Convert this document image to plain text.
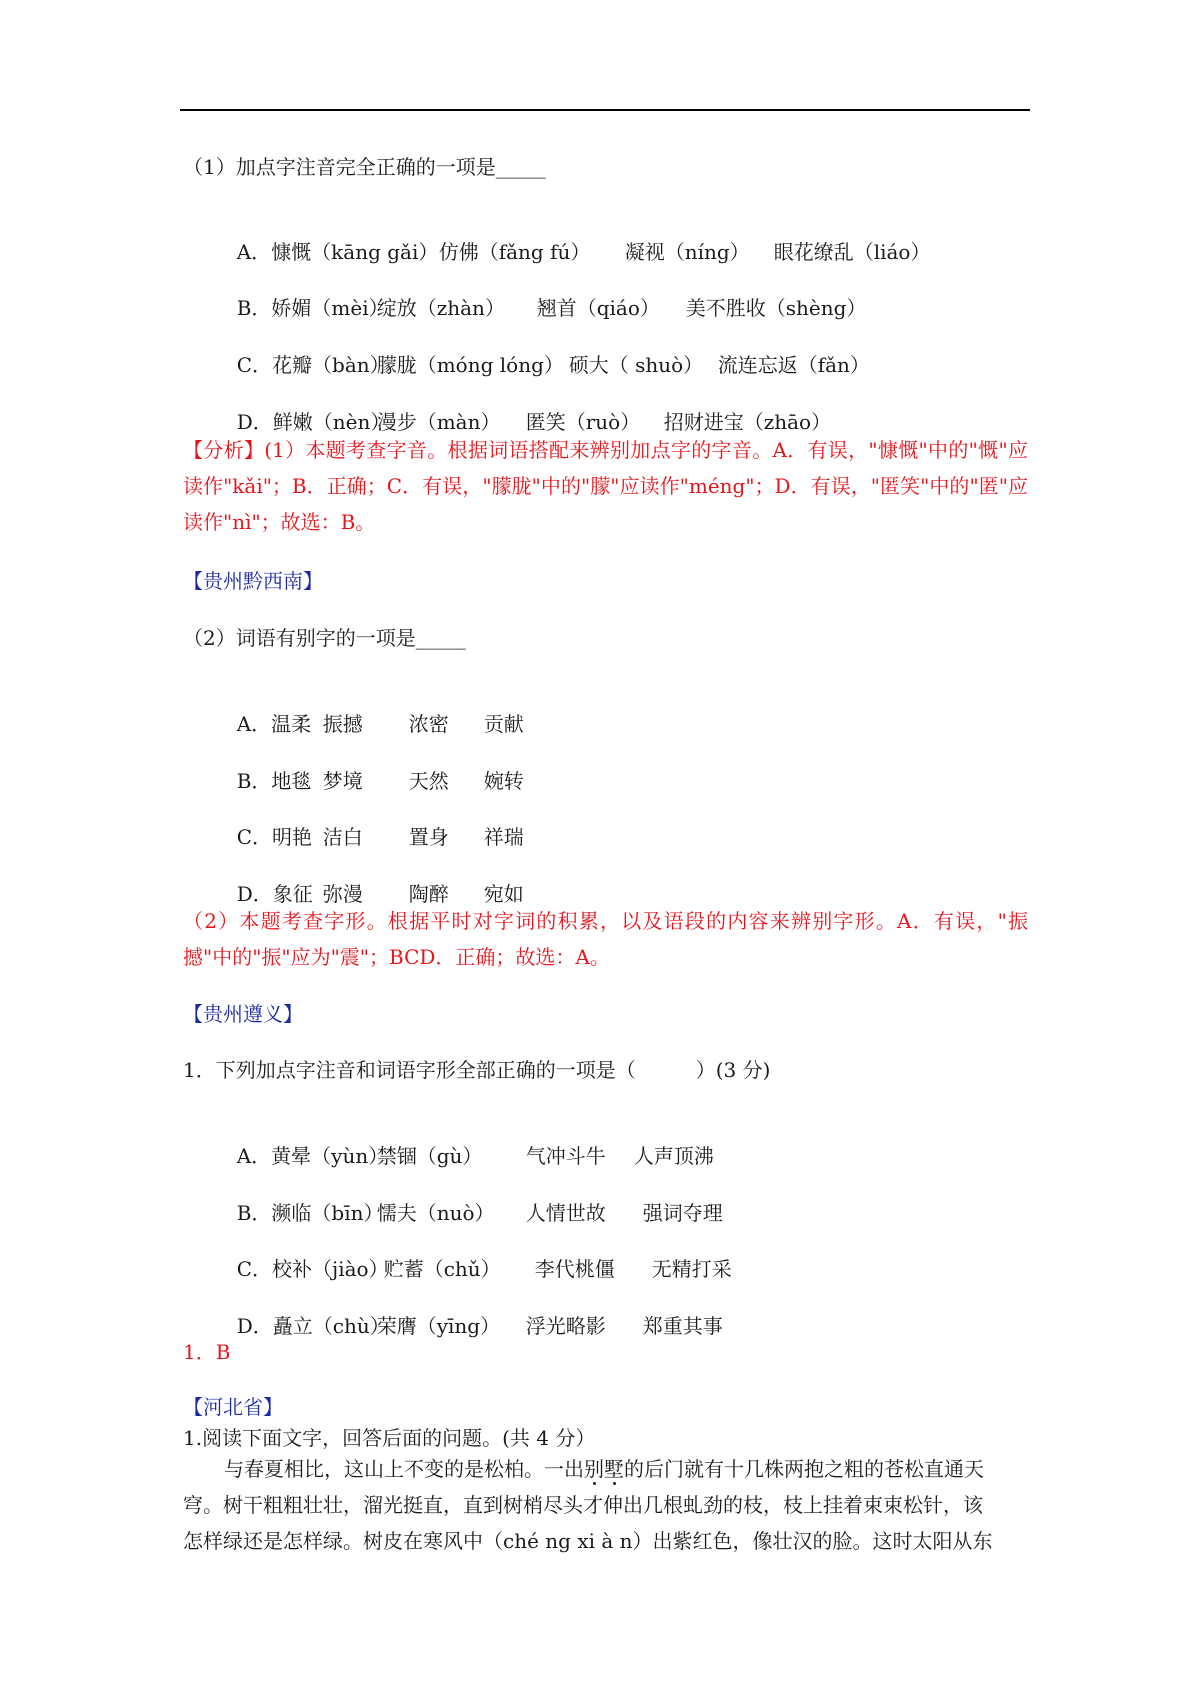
（1）加点字注音完全正确的一项是_____

A．慷慨（kāng gǎi）仿佛（fǎng fú） 凝视（níng） 眼花缭乱（liáo）

B．娇媚（mèi）绽放（zhàn） 翘首（qiáo） 美不胜收（shèng）

C．花瓣（bàn）朦胧（móng lóng） 硕大（ shuò） 流连忘返（fǎn）

D．鲜嫩（nèn）漫步（màn） 匿笑（ruò） 招财进宝（zhāo）

【分析】(1）本题考查字音。根据词语搭配来辨别加点字的字音。A．有误，"慷慨"中的"慨"应读作"kǎi"；B．正确；C．有误，"朦胧"中的"朦"应读作"méng"；D．有误，"匿笑"中的"匿"应读作"nì"；故选：B。
【贵州黔西南】
（2）词语有别字的一项是_____

A．温柔 振撼 浓密 贡献

B．地毯 梦境 天然 婉转

C．明艳 洁白 置身 祥瑞

D．象征 弥漫 陶醉 宛如

（2）本题考查字形。根据平时对字词的积累，以及语段的内容来辨别字形。A．有误，"振撼"中的"振"应为"震"；BCD．正确；故选：A。
【贵州遵义】
1．下列加点字注音和词语字形全部正确的一项是（　　　）(3 分)

A．黄晕（yùn）禁锢（gù） 气冲斗牛 人声顶沸

B．濒临（bīn）懦夫（nuò） 人情世故 强词夺理

C．校补（jiào）贮蓄（chǔ） 李代桃僵 无精打采

D．矗立（chù）荣膺（yīng） 浮光略影 郑重其事

1．B
【河北省】
1.阅读下面文字，回答后面的问题。(共 4 分）
与春夏相比，这山上不变的是松柏。一出别墅的后门就有十几株两抱之粗的苍松直通天
穹。树干粗粗壮壮，溜光挺直，直到树梢尽头才伸出几根虬劲的枝，枝上挂着束束松针，该
怎样绿还是怎样绿。树皮在寒风中（ché ng xi à n）出紫红色，像壮汉的脸。这时太阳从东
